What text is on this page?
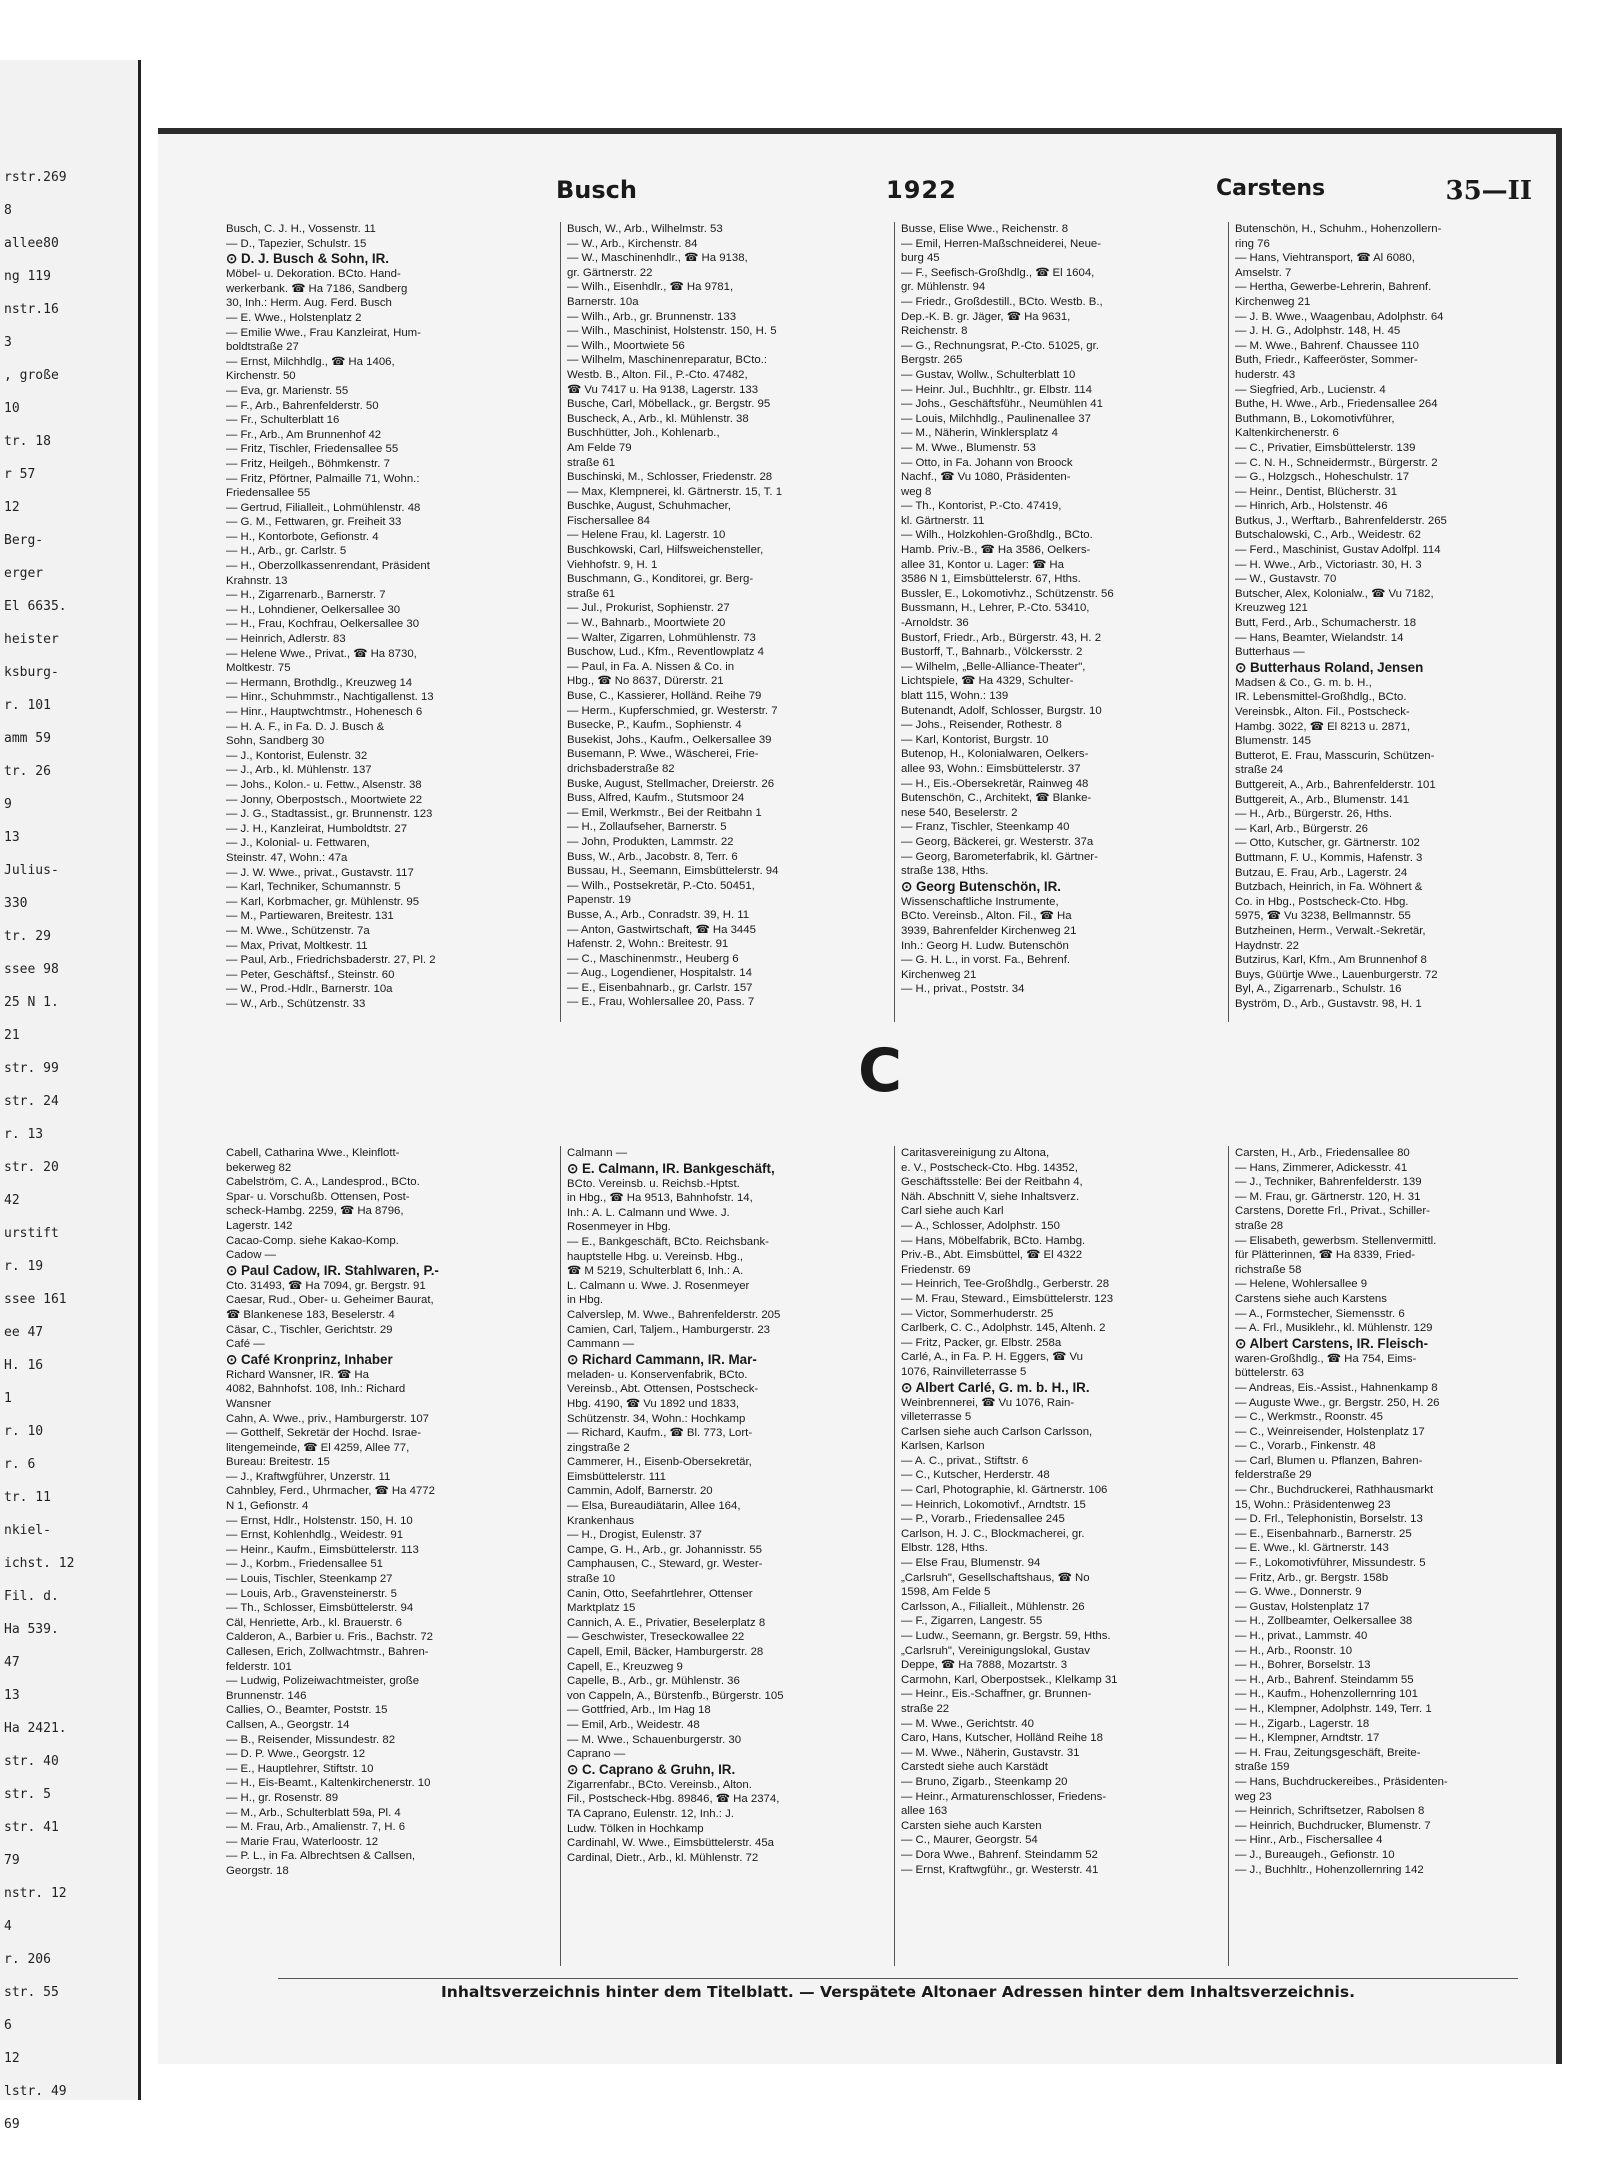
rstr.269
8
allee80
ng 119
nstr.16
3
, große
10
tr. 18
r 57
12
Berg-
erger
El 6635.
heister
ksburg-
r. 101
amm 59
tr. 26
9
13
Julius-
330
tr. 29
ssee 98
25 N 1.
21
str. 99
str. 24
r. 13
str. 20
42
urstift
r. 19
ssee 161
ee 47
H. 16
1
r. 10
r. 6
tr. 11
nkiel-
ichst. 12
Fil. d.
Ha 539.
47
13
Ha 2421.
str. 40
str. 5
str. 41
79
nstr. 12
4
r. 206
str. 55
6
12
lstr. 49
69
Busch	1922	Carstens	35—II
Busch, C. J. H., Vossenstr. 11
— D., Tapezier, Schulstr. 15
⊙ D. J. Busch & Sohn, IR.
Möbel- u. Dekoration. BCto. Hand-
werkerbank. ☎ Ha 7186, Sandberg
30, Inh.: Herm. Aug. Ferd. Busch
— E. Wwe., Holstenplatz 2
— Emilie Wwe., Frau Kanzleirat, Hum-
boldtstraße 27
— Ernst, Milchhdlg., ☎ Ha 1406,
Kirchenstr. 50
— Eva, gr. Marienstr. 55
— F., Arb., Bahrenfelderstr. 50
— Fr., Schulterblatt 16
— Fr., Arb., Am Brunnenhof 42
— Fritz, Tischler, Friedensallee 55
— Fritz, Heilgeh., Böhmkenstr. 7
— Fritz, Pförtner, Palmaille 71, Wohn.:
Friedensallee 55
— Gertrud, Filialleit., Lohmühlenstr. 48
— G. M., Fettwaren, gr. Freiheit 33
— H., Kontorbote, Gefionstr. 4
— H., Arb., gr. Carlstr. 5
— H., Oberzollkassenrendant, Präsident
Krahnstr. 13
— H., Zigarrenarb., Barnerstr. 7
— H., Lohndiener, Oelkersallee 30
— H., Frau, Kochfrau, Oelkersallee 30
— Heinrich, Adlerstr. 83
— Helene Wwe., Privat., ☎ Ha 8730,
Moltkestr. 75
— Hermann, Brothdlg., Kreuzweg 14
— Hinr., Schuhmmstr., Nachtigallenst. 13
— Hinr., Hauptwchtmstr., Hohenesch 6
— H. A. F., in Fa. D. J. Busch &
Sohn, Sandberg 30
— J., Kontorist, Eulenstr. 32
— J., Arb., kl. Mühlenstr. 137
— Johs., Kolon.- u. Fettw., Alsenstr. 38
— Jonny, Oberpostsch., Moortwiete 22
— J. G., Stadtassist., gr. Brunnenstr. 123
— J. H., Kanzleirat, Humboldtstr. 27
— J., Kolonial- u. Fettwaren,
Steinstr. 47, Wohn.: 47a
— J. W. Wwe., privat., Gustavstr. 117
— Karl, Techniker, Schumannstr. 5
— Karl, Korbmacher, gr. Mühlenstr. 95
— M., Partiewaren, Breitestr. 131
— M. Wwe., Schützenstr. 7a
— Max, Privat, Moltkestr. 11
— Paul, Arb., Friedrichsbaderstr. 27, Pl. 2
— Peter, Geschäftsf., Steinstr. 60
— W., Prod.-Hdlr., Barnerstr. 10a
— W., Arb., Schützenstr. 33
Busch, W., Arb., Wilhelmstr. 53
— W., Arb., Kirchenstr. 84
— W., Maschinenhdlr., ☎ Ha 9138,
gr. Gärtnerstr. 22
— Wilh., Eisenhdlr., ☎ Ha 9781,
Barnerstr. 10a
— Wilh., Arb., gr. Brunnenstr. 133
— Wilh., Maschinist, Holstenstr. 150, H. 5
— Wilh., Moortwiete 56
— Wilhelm, Maschinenreparatur, BCto.:
Westb. B., Alton. Fil., P.-Cto. 47482,
☎ Vu 7417 u. Ha 9138, Lagerstr. 133
Busche, Carl, Möbellack., gr. Bergstr. 95
Buscheck, A., Arb., kl. Mühlenstr. 38
Buschhütter, Joh., Kohlenarb.,
Am Felde 79
straße 61
Buschinski, M., Schlosser, Friedenstr. 28
— Max, Klempnerei, kl. Gärtnerstr. 15, T. 1
Buschke, August, Schuhmacher,
Fischersallee 84
— Helene Frau, kl. Lagerstr. 10
Buschkowski, Carl, Hilfsweichensteller,
Viehhofstr. 9, H. 1
Buschmann, G., Konditorei, gr. Berg-
straße 61
— Jul., Prokurist, Sophienstr. 27
— W., Bahnarb., Moortwiete 20
— Walter, Zigarren, Lohmühlenstr. 73
Buschow, Lud., Kfm., Reventlowplatz 4
— Paul, in Fa. A. Nissen & Co. in
Hbg., ☎ No 8637, Dürerstr. 21
Buse, C., Kassierer, Holländ. Reihe 79
— Herm., Kupferschmied, gr. Westerstr. 7
Busecke, P., Kaufm., Sophienstr. 4
Busekist, Johs., Kaufm., Oelkersallee 39
Busemann, P. Wwe., Wäscherei, Frie-
drichsbaderstraße 82
Buske, August, Stellmacher, Dreierstr. 26
Buss, Alfred, Kaufm., Stutsmoor 24
— Emil, Werkmstr., Bei der Reitbahn 1
— H., Zollaufseher, Barnerstr. 5
— John, Produkten, Lammstr. 22
Buss, W., Arb., Jacobstr. 8, Terr. 6
Bussau, H., Seemann, Eimsbüttelerstr. 94
— Wilh., Postsekretär, P.-Cto. 50451,
Papenstr. 19
Busse, A., Arb., Conradstr. 39, H. 11
— Anton, Gastwirtschaft, ☎ Ha 3445
Hafenstr. 2, Wohn.: Breitestr. 91
— C., Maschinenmstr., Heuberg 6
— Aug., Logendiener, Hospitalstr. 14
— E., Eisenbahnarb., gr. Carlstr. 157
— E., Frau, Wohlersallee 20, Pass. 7
Busse, Elise Wwe., Reichenstr. 8
— Emil, Herren-Maßschneiderei, Neue-
burg 45
— F., Seefisch-Großhdlg., ☎ El 1604,
gr. Mühlenstr. 94
— Friedr., Großdestill., BCto. Westb. B.,
Dep.-K. B. gr. Jäger, ☎ Ha 9631,
Reichenstr. 8
— G., Rechnungsrat, P.-Cto. 51025, gr.
Bergstr. 265
— Gustav, Wollw., Schulterblatt 10
— Heinr. Jul., Buchhltr., gr. Elbstr. 114
— Johs., Geschäftsführ., Neumühlen 41
— Louis, Milchhdlg., Paulinenallee 37
— M., Näherin, Winklersplatz 4
— M. Wwe., Blumenstr. 53
— Otto, in Fa. Johann von Broock
Nachf., ☎ Vu 1080, Präsidenten-
weg 8
— Th., Kontorist, P.-Cto. 47419,
kl. Gärtnerstr. 11
— Wilh., Holzkohlen-Großhdlg., BCto.
Hamb. Priv.-B., ☎ Ha 3586, Oelkers-
allee 31, Kontor u. Lager: ☎ Ha
3586 N 1, Eimsbüttelerstr. 67, Hths.
Bussler, E., Lokomotivhz., Schützenstr. 56
Bussmann, H., Lehrer, P.-Cto. 53410,
-Arnoldstr. 36
Bustorf, Friedr., Arb., Bürgerstr. 43, H. 2
Bustorff, T., Bahnarb., Völckersstr. 2
— Wilhelm, „Belle-Alliance-Theater",
Lichtspiele, ☎ Ha 4329, Schulter-
blatt 115, Wohn.: 139
Butenandt, Adolf, Schlosser, Burgstr. 10
— Johs., Reisender, Rothestr. 8
— Karl, Kontorist, Burgstr. 10
Butenop, H., Kolonialwaren, Oelkers-
allee 93, Wohn.: Eimsbüttelerstr. 37
— H., Eis.-Obersekretär, Rainweg 48
Butenschön, C., Architekt, ☎ Blanke-
nese 540, Beselerstr. 2
— Franz, Tischler, Steenkamp 40
— Georg, Bäckerei, gr. Westerstr. 37a
— Georg, Barometerfabrik, kl. Gärtner-
straße 138, Hths.
⊙ Georg Butenschön, IR.
Wissenschaftliche Instrumente,
BCto. Vereinsb., Alton. Fil., ☎ Ha
3939, Bahrenfelder Kirchenweg 21
Inh.: Georg H. Ludw. Butenschön
— G. H. L., in vorst. Fa., Behrenf.
Kirchenweg 21
— H., privat., Poststr. 34
Butenschön, H., Schuhm., Hohenzollern-
ring 76
— Hans, Viehtransport, ☎ Al 6080,
Amselstr. 7
— Hertha, Gewerbe-Lehrerin, Bahrenf.
Kirchenweg 21
— J. B. Wwe., Waagenbau, Adolphstr. 64
— J. H. G., Adolphstr. 148, H. 45
— M. Wwe., Bahrenf. Chaussee 110
Buth, Friedr., Kaffeeröster, Sommer-
huderstr. 43
— Siegfried, Arb., Lucienstr. 4
Buthe, H. Wwe., Arb., Friedensallee 264
Buthmann, B., Lokomotivführer,
Kaltenkirchenerstr. 6
— C., Privatier, Eimsbüttelerstr. 139
— C. N. H., Schneidermstr., Bürgerstr. 2
— G., Holzgsch., Hoheschulstr. 17
— Heinr., Dentist, Blücherstr. 31
— Hinrich, Arb., Holstenstr. 46
Butkus, J., Werftarb., Bahrenfelderstr. 265
Butschalowski, C., Arb., Weidestr. 62
— Ferd., Maschinist, Gustav Adolfpl. 114
— H. Wwe., Arb., Victoriastr. 30, H. 3
— W., Gustavstr. 70
Butscher, Alex, Kolonialw., ☎ Vu 7182,
Kreuzweg 121
Butt, Ferd., Arb., Schumacherstr. 18
— Hans, Beamter, Wielandstr. 14
Butterhaus —
⊙ Butterhaus Roland, Jensen
Madsen & Co., G. m. b. H.,
IR. Lebensmittel-Großhdlg., BCto.
Vereinsbk., Alton. Fil., Postscheck-
Hambg. 3022, ☎ El 8213 u. 2871,
Blumenstr. 145
Butterot, E. Frau, Masscurin, Schützen-
straße 24
Buttgereit, A., Arb., Bahrenfelderstr. 101
Buttgereit, A., Arb., Blumenstr. 141
— H., Arb., Bürgerstr. 26, Hths.
— Karl, Arb., Bürgerstr. 26
— Otto, Kutscher, gr. Gärtnerstr. 102
Buttmann, F. U., Kommis, Hafenstr. 3
Butzau, E. Frau, Arb., Lagerstr. 24
Butzbach, Heinrich, in Fa. Wöhnert &
Co. in Hbg., Postscheck-Cto. Hbg.
5975, ☎ Vu 3238, Bellmannstr. 55
Butzheinen, Herm., Verwalt.-Sekretär,
Haydnstr. 22
Butzirus, Karl, Kfm., Am Brunnenhof 8
Buys, Güürtje Wwe., Lauenburgerstr. 72
Byl, A., Zigarrenarb., Schulstr. 16
Byström, D., Arb., Gustavstr. 98, H. 1
C
Cabell, Catharina Wwe., Kleinflott-
bekerweg 82
Cabelström, C. A., Landesprod., BCto.
Spar- u. Vorschußb. Ottensen, Post-
scheck-Hambg. 2259, ☎ Ha 8796,
Lagerstr. 142
Cacao-Comp. siehe Kakao-Komp.
Cadow —
⊙ Paul Cadow, IR. Stahlwaren, P.-
Cto. 31493, ☎ Ha 7094, gr. Bergstr. 91
Caesar, Rud., Ober- u. Geheimer Baurat,
☎ Blankenese 183, Beselerstr. 4
Cäsar, C., Tischler, Gerichtstr. 29
Café —
⊙ Café Kronprinz, Inhaber
Richard Wansner, IR. ☎ Ha
4082, Bahnhofst. 108, Inh.: Richard
Wansner
Cahn, A. Wwe., priv., Hamburgerstr. 107
— Gotthelf, Sekretär der Hochd. Israe-
litengemeinde, ☎ El 4259, Allee 77,
Bureau: Breitestr. 15
— J., Kraftwgführer, Unzerstr. 11
Cahnbley, Ferd., Uhrmacher, ☎ Ha 4772
N 1, Gefionstr. 4
— Ernst, Hdlr., Holstenstr. 150, H. 10
— Ernst, Kohlenhdlg., Weidestr. 91
— Heinr., Kaufm., Eimsbüttelerstr. 113
— J., Korbm., Friedensallee 51
— Louis, Tischler, Steenkamp 27
— Louis, Arb., Gravensteinerstr. 5
— Th., Schlosser, Eimsbüttelerstr. 94
Cäl, Henriette, Arb., kl. Brauerstr. 6
Calderon, A., Barbier u. Fris., Bachstr. 72
Callesen, Erich, Zollwachtmstr., Bahren-
felderstr. 101
— Ludwig, Polizeiwachtmeister, große
Brunnenstr. 146
Callies, O., Beamter, Poststr. 15
Callsen, A., Georgstr. 14
— B., Reisender, Missundestr. 82
— D. P. Wwe., Georgstr. 12
— E., Hauptlehrer, Stiftstr. 10
— H., Eis-Beamt., Kaltenkirchenerstr. 10
— H., gr. Rosenstr. 89
— M., Arb., Schulterblatt 59a, Pl. 4
— M. Frau, Arb., Amalienstr. 7, H. 6
— Marie Frau, Waterloostr. 12
— P. L., in Fa. Albrechtsen & Callsen,
Georgstr. 18
Calmann —
⊙ E. Calmann, IR. Bankgeschäft,
BCto. Vereinsb. u. Reichsb.-Hptst.
in Hbg., ☎ Ha 9513, Bahnhofstr. 14,
Inh.: A. L. Calmann und Wwe. J.
Rosenmeyer in Hbg.
— E., Bankgeschäft, BCto. Reichsbank-
hauptstelle Hbg. u. Vereinsb. Hbg.,
☎ M 5219, Schulterblatt 6, Inh.: A.
L. Calmann u. Wwe. J. Rosenmeyer
in Hbg.
Calverslep, M. Wwe., Bahrenfelderstr. 205
Camien, Carl, Taljem., Hamburgerstr. 23
Cammann —
⊙ Richard Cammann, IR. Mar-
meladen- u. Konservenfabrik, BCto.
Vereinsb., Abt. Ottensen, Postscheck-
Hbg. 4190, ☎ Vu 1892 und 1833,
Schützenstr. 34, Wohn.: Hochkamp
— Richard, Kaufm., ☎ Bl. 773, Lort-
zingstraße 2
Cammerer, H., Eisenb-Obersekretär,
Eimsbüttelerstr. 111
Cammin, Adolf, Barnerstr. 20
— Elsa, Bureaudiätarin, Allee 164,
Krankenhaus
— H., Drogist, Eulenstr. 37
Campe, G. H., Arb., gr. Johannisstr. 55
Camphausen, C., Steward, gr. Wester-
straße 10
Canin, Otto, Seefahrtlehrer, Ottenser
Marktplatz 15
Cannich, A. E., Privatier, Beselerplatz 8
— Geschwister, Treseckowallee 22
Capell, Emil, Bäcker, Hamburgerstr. 28
Capell, E., Kreuzweg 9
Capelle, B., Arb., gr. Mühlenstr. 36
von Cappeln, A., Bürstenfb., Bürgerstr. 105
— Gottfried, Arb., Im Hag 18
— Emil, Arb., Weidestr. 48
— M. Wwe., Schauenburgerstr. 30
Caprano —
⊙ C. Caprano & Gruhn, IR.
Zigarrenfabr., BCto. Vereinsb., Alton.
Fil., Postscheck-Hbg. 89846, ☎ Ha 2374,
TA Caprano, Eulenstr. 12, Inh.: J.
Ludw. Tölken in Hochkamp
Cardinahl, W. Wwe., Eimsbüttelerstr. 45a
Cardinal, Dietr., Arb., kl. Mühlenstr. 72
Caritasvereinigung zu Altona,
e. V., Postscheck-Cto. Hbg. 14352,
Geschäftsstelle: Bei der Reitbahn 4,
Näh. Abschnitt V, siehe Inhaltsverz.
Carl siehe auch Karl
— A., Schlosser, Adolphstr. 150
— Hans, Möbelfabrik, BCto. Hambg.
Priv.-B., Abt. Eimsbüttel, ☎ El 4322
Friedenstr. 69
— Heinrich, Tee-Großhdlg., Gerberstr. 28
— M. Frau, Steward., Eimsbüttelerstr. 123
— Victor, Sommerhuderstr. 25
Carlberk, C. C., Adolphstr. 145, Altenh. 2
— Fritz, Packer, gr. Elbstr. 258a
Carlé, A., in Fa. P. H. Eggers, ☎ Vu
1076, Rainvilleterrasse 5
⊙ Albert Carlé, G. m. b. H., IR.
Weinbrennerei, ☎ Vu 1076, Rain-
villeterrasse 5
Carlsen siehe auch Carlson Carlsson,
Karlsen, Karlson
— A. C., privat., Stiftstr. 6
— C., Kutscher, Herderstr. 48
— Carl, Photographie, kl. Gärtnerstr. 106
— Heinrich, Lokomotivf., Arndtstr. 15
— P., Vorarb., Friedensallee 245
Carlson, H. J. C., Blockmacherei, gr.
Elbstr. 128, Hths.
— Else Frau, Blumenstr. 94
„Carlsruh", Gesellschaftshaus, ☎ No
1598, Am Felde 5
Carlsson, A., Filialleit., Mühlenstr. 26
— F., Zigarren, Langestr. 55
— Ludw., Seemann, gr. Bergstr. 59, Hths.
„Carlsruh", Vereinigungslokal, Gustav
Deppe, ☎ Ha 7888, Mozartstr. 3
Carmohn, Karl, Oberpostsek., Klelkamp 31
— Heinr., Eis.-Schaffner, gr. Brunnen-
straße 22
— M. Wwe., Gerichtstr. 40
Caro, Hans, Kutscher, Holländ Reihe 18
— M. Wwe., Näherin, Gustavstr. 31
Carstedt siehe auch Karstädt
— Bruno, Zigarb., Steenkamp 20
— Heinr., Armaturenschlosser, Friedens-
allee 163
Carsten siehe auch Karsten
— C., Maurer, Georgstr. 54
— Dora Wwe., Bahrenf. Steindamm 52
— Ernst, Kraftwgführ., gr. Westerstr. 41
Carsten, H., Arb., Friedensallee 80
— Hans, Zimmerer, Adickesstr. 41
— J., Techniker, Bahrenfelderstr. 139
— M. Frau, gr. Gärtnerstr. 120, H. 31
Carstens, Dorette Frl., Privat., Schiller-
straße 28
— Elisabeth, gewerbsm. Stellenvermittl.
für Plätterinnen, ☎ Ha 8339, Fried-
richstraße 58
— Helene, Wohlersallee 9
Carstens siehe auch Karstens
— A., Formstecher, Siemensstr. 6
— A. Frl., Musiklehr., kl. Mühlenstr. 129
⊙ Albert Carstens, IR. Fleisch-
waren-Großhdlg., ☎ Ha 754, Eims-
büttelerstr. 63
— Andreas, Eis.-Assist., Hahnenkamp 8
— Auguste Wwe., gr. Bergstr. 250, H. 26
— C., Werkmstr., Roonstr. 45
— C., Weinreisender, Holstenplatz 17
— C., Vorarb., Finkenstr. 48
— Carl, Blumen u. Pflanzen, Bahren-
felderstraße 29
— Chr., Buchdruckerei, Rathhausmarkt
15, Wohn.: Präsidentenweg 23
— D. Frl., Telephonistin, Borselstr. 13
— E., Eisenbahnarb., Barnerstr. 25
— E. Wwe., kl. Gärtnerstr. 143
— F., Lokomotivführer, Missundestr. 5
— Fritz, Arb., gr. Bergstr. 158b
— G. Wwe., Donnerstr. 9
— Gustav, Holstenplatz 17
— H., Zollbeamter, Oelkersallee 38
— H., privat., Lammstr. 40
— H., Arb., Roonstr. 10
— H., Bohrer, Borselstr. 13
— H., Arb., Bahrenf. Steindamm 55
— H., Kaufm., Hohenzollernring 101
— H., Klempner, Adolphstr. 149, Terr. 1
— H., Zigarb., Lagerstr. 18
— H., Klempner, Arndtstr. 17
— H. Frau, Zeitungsgeschäft, Breite-
straße 159
— Hans, Buchdruckereibes., Präsidenten-
weg 23
— Heinrich, Schriftsetzer, Rabolsen 8
— Heinrich, Buchdrucker, Blumenstr. 7
— Hinr., Arb., Fischersallee 4
— J., Bureaugeh., Gefionstr. 10
— J., Buchhltr., Hohenzollernring 142
Inhaltsverzeichnis hinter dem Titelblatt. — Verspätete Altonaer Adressen hinter dem Inhaltsverzeichnis.
